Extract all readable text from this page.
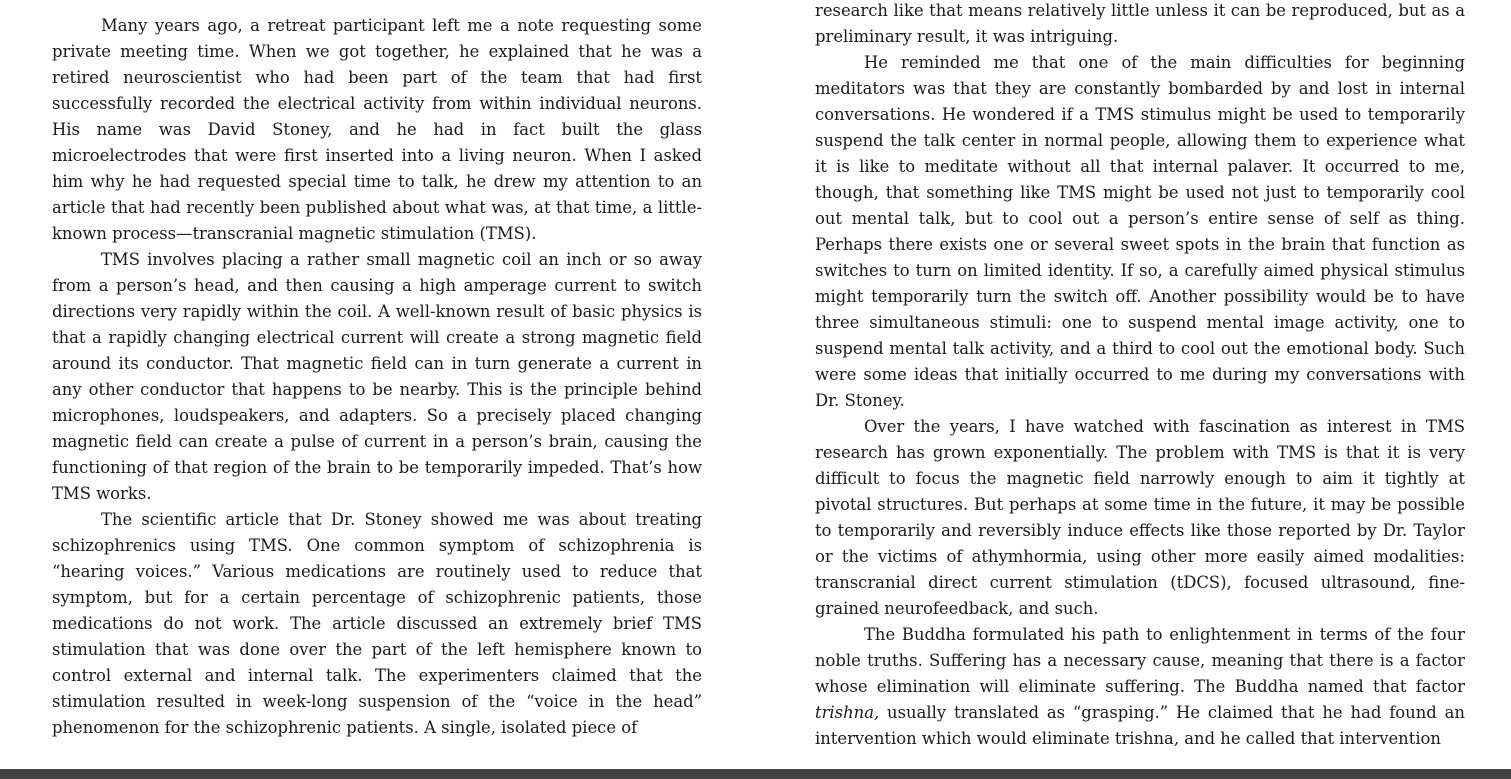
Many years ago, a retreat participant left me a note requesting some private meeting time. When we got together, he explained that he was a retired neuroscientist who had been part of the team that had first successfully recorded the electrical activity from within individual neurons. His name was David Stoney, and he had in fact built the glass microelectrodes that were first inserted into a living neuron. When I asked him why he had requested special time to talk, he drew my attention to an article that had recently been published about what was, at that time, a little-known process—transcranial magnetic stimulation (TMS).

TMS involves placing a rather small magnetic coil an inch or so away from a person’s head, and then causing a high amperage current to switch directions very rapidly within the coil. A well-known result of basic physics is that a rapidly changing electrical current will create a strong magnetic field around its conductor. That magnetic field can in turn generate a current in any other conductor that happens to be nearby. This is the principle behind microphones, loudspeakers, and adapters. So a precisely placed changing magnetic field can create a pulse of current in a person’s brain, causing the functioning of that region of the brain to be temporarily impeded. That’s how TMS works.

The scientific article that Dr. Stoney showed me was about treating schizophrenics using TMS. One common symptom of schizophrenia is “hearing voices.” Various medications are routinely used to reduce that symptom, but for a certain percentage of schizophrenic patients, those medications do not work. The article discussed an extremely brief TMS stimulation that was done over the part of the left hemisphere known to control external and internal talk. The experimenters claimed that the stimulation resulted in week-long suspension of the “voice in the head” phenomenon for the schizophrenic patients. A single, isolated piece of

research like that means relatively little unless it can be reproduced, but as a preliminary result, it was intriguing.

He reminded me that one of the main difficulties for beginning meditators was that they are constantly bombarded by and lost in internal conversations. He wondered if a TMS stimulus might be used to temporarily suspend the talk center in normal people, allowing them to experience what it is like to meditate without all that internal palaver. It occurred to me, though, that something like TMS might be used not just to temporarily cool out mental talk, but to cool out a person’s entire sense of self as thing. Perhaps there exists one or several sweet spots in the brain that function as switches to turn on limited identity. If so, a carefully aimed physical stimulus might temporarily turn the switch off. Another possibility would be to have three simultaneous stimuli: one to suspend mental image activity, one to suspend mental talk activity, and a third to cool out the emotional body. Such were some ideas that initially occurred to me during my conversations with Dr. Stoney.

Over the years, I have watched with fascination as interest in TMS research has grown exponentially. The problem with TMS is that it is very difficult to focus the magnetic field narrowly enough to aim it tightly at pivotal structures. But perhaps at some time in the future, it may be possible to temporarily and reversibly induce effects like those reported by Dr. Taylor or the victims of athymhormia, using other more easily aimed modalities: transcranial direct current stimulation (tDCS), focused ultrasound, fine-grained neurofeedback, and such.

The Buddha formulated his path to enlightenment in terms of the four noble truths. Suffering has a necessary cause, meaning that there is a factor whose elimination will eliminate suffering. The Buddha named that factor trishna, usually translated as “grasping.” He claimed that he had found an intervention which would eliminate trishna, and he called that intervention
